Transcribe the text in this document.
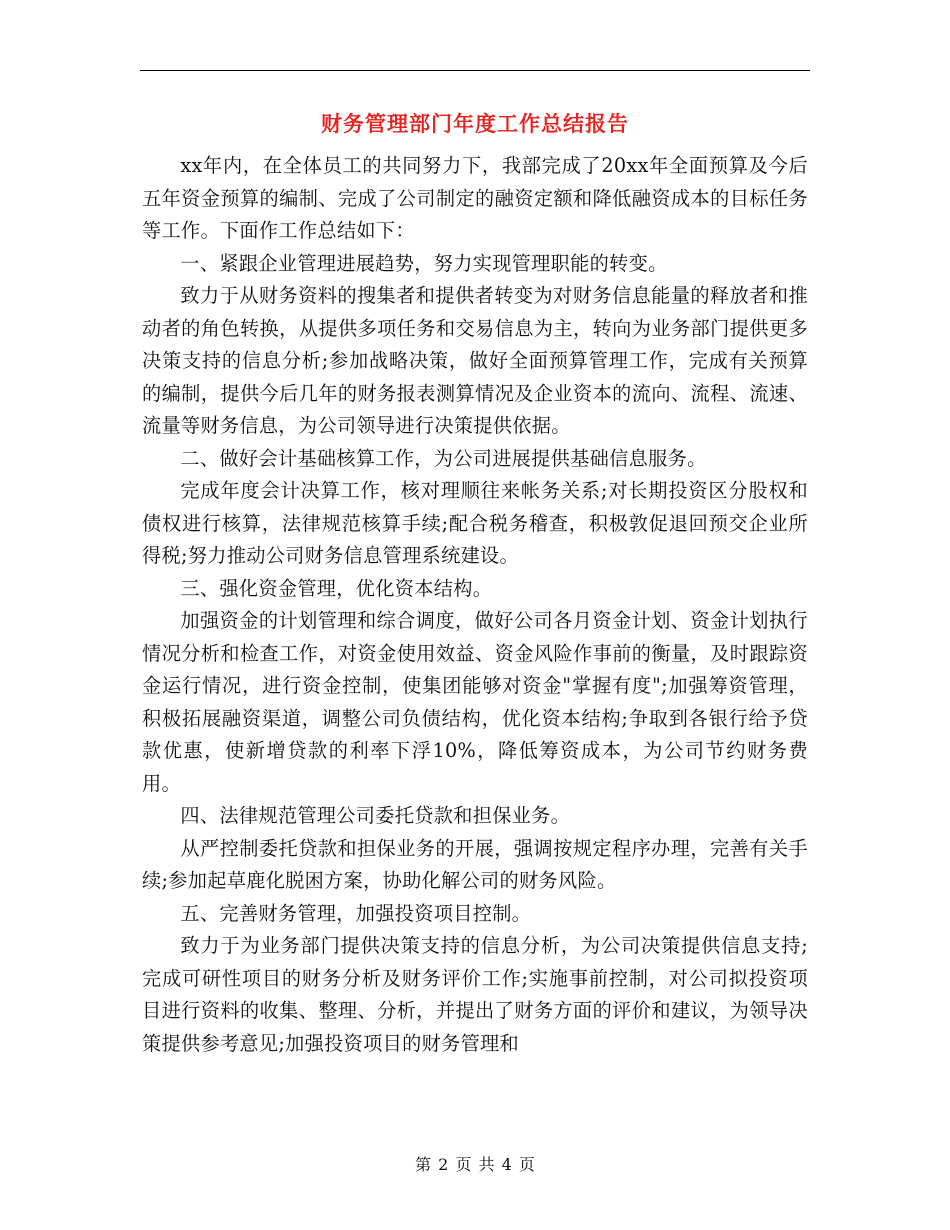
财务管理部门年度工作总结报告

xx年内，在全体员工的共同努力下，我部完成了20xx年全面预算及今后五年资金预算的编制、完成了公司制定的融资定额和降低融资成本的目标任务等工作。下面作工作总结如下：

一、紧跟企业管理进展趋势，努力实现管理职能的转变。

致力于从财务资料的搜集者和提供者转变为对财务信息能量的释放者和推动者的角色转换，从提供多项任务和交易信息为主，转向为业务部门提供更多决策支持的信息分析;参加战略决策，做好全面预算管理工作，完成有关预算的编制，提供今后几年的财务报表测算情况及企业资本的流向、流程、流速、流量等财务信息，为公司领导进行决策提供依据。

二、做好会计基础核算工作，为公司进展提供基础信息服务。

完成年度会计决算工作，核对理顺往来帐务关系;对长期投资区分股权和债权进行核算，法律规范核算手续;配合税务稽查，积极敦促退回预交企业所得税;努力推动公司财务信息管理系统建设。

三、强化资金管理，优化资本结构。

加强资金的计划管理和综合调度，做好公司各月资金计划、资金计划执行情况分析和检查工作，对资金使用效益、资金风险作事前的衡量，及时跟踪资金运行情况，进行资金控制，使集团能够对资金"掌握有度";加强筹资管理，积极拓展融资渠道，调整公司负债结构，优化资本结构;争取到各银行给予贷款优惠，使新增贷款的利率下浮10%，降低筹资成本，为公司节约财务费用。

四、法律规范管理公司委托贷款和担保业务。

从严控制委托贷款和担保业务的开展，强调按规定程序办理，完善有关手续;参加起草鹿化脱困方案，协助化解公司的财务风险。

五、完善财务管理，加强投资项目控制。

致力于为业务部门提供决策支持的信息分析，为公司决策提供信息支持;完成可研性项目的财务分析及财务评价工作;实施事前控制，对公司拟投资项目进行资料的收集、整理、分析，并提出了财务方面的评价和建议，为领导决策提供参考意见;加强投资项目的财务管理和

第 2 页 共 4 页
